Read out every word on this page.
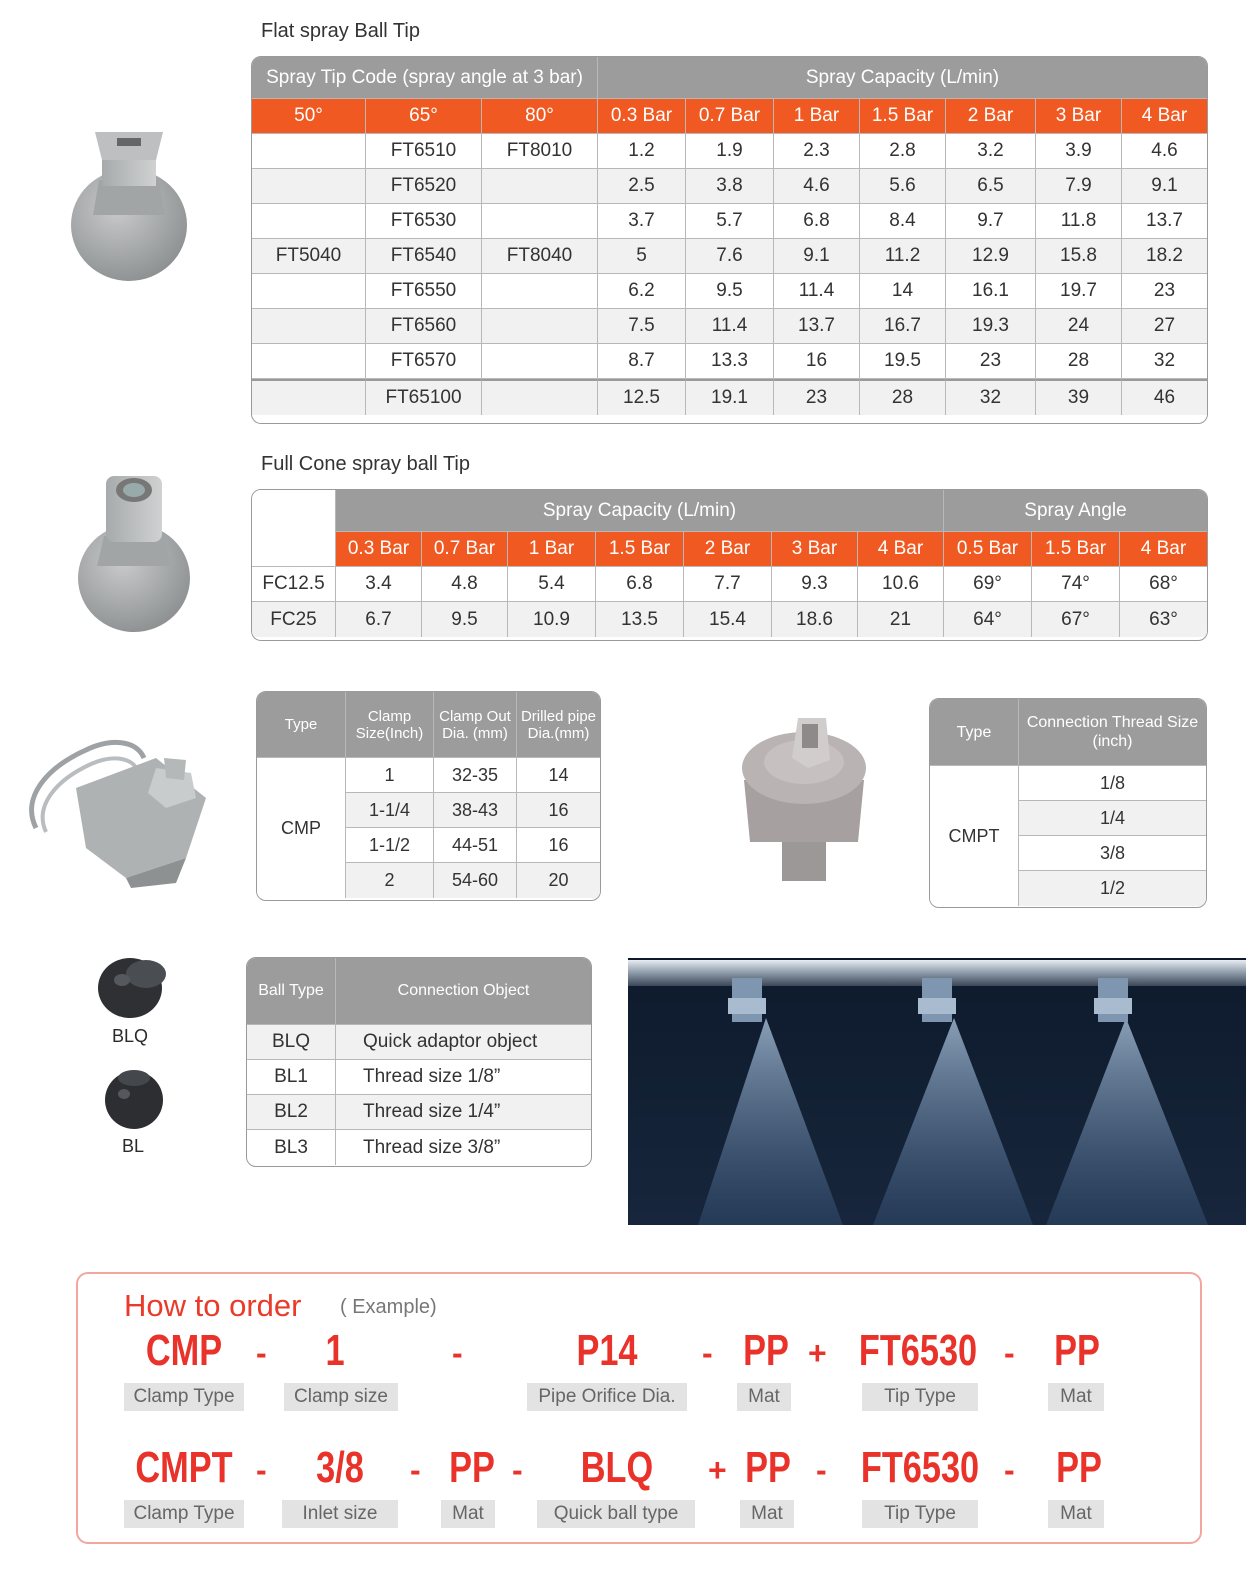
Flat spray Ball Tip
Spray Tip Code (spray angle at 3 bar)			Spray Capacity (L/min)						
50°	65°	80°	0.3 Bar	0.7 Bar	1 Bar	1.5 Bar	2 Bar	3 Bar	4 Bar
	FT6510	FT8010	1.2	1.9	2.3	2.8	3.2	3.9	4.6
	FT6520		2.5	3.8	4.6	5.6	6.5	7.9	9.1
	FT6530		3.7	5.7	6.8	8.4	9.7	11.8	13.7
FT5040	FT6540	FT8040	5	7.6	9.1	11.2	12.9	15.8	18.2
	FT6550		6.2	9.5	11.4	14	16.1	19.7	23
	FT6560		7.5	11.4	13.7	16.7	19.3	24	27
	FT6570		8.7	13.3	16	19.5	23	28	32
	FT65100		12.5	19.1	23	28	32	39	46
Full Cone spray ball Tip
	Spray Capacity (L/min)							Spray Angle		
	0.3 Bar	0.7 Bar	1 Bar	1.5 Bar	2 Bar	3 Bar	4 Bar	0.5 Bar	1.5 Bar	4 Bar
FC12.5	3.4	4.8	5.4	6.8	7.7	9.3	10.6	69°	74°	68°
FC25	6.7	9.5	10.9	13.5	15.4	18.6	21	64°	67°	63°
Type	Clamp Size(Inch)	Clamp Out Dia. (mm)	Drilled pipe Dia.(mm)
CMP	1	32-35	14
	1-1/4	38-43	16
	1-1/2	44-51	16
	2	54-60	20
Type	Connection Thread Size (inch)
CMPT	1/8
	1/4
	3/8
	1/2
BLQ
BL
Ball Type	Connection Object
BLQ	Quick adaptor object
BL1	Thread size 1/8”
BL2	Thread size 1/4”
BL3	Thread size 3/8”
How to order ( Example)
CMP	1	P14	PP	FT6530	PP
-	-	-	+	-
Clamp Type	Clamp size	Pipe Orifice Dia.	Mat	Tip Type	Mat
CMPT	3/8	PP	BLQ	PP	FT6530	PP
-	-	-	+	-	-
Clamp Type	Inlet size	Mat	Quick ball type	Mat	Tip Type	Mat
